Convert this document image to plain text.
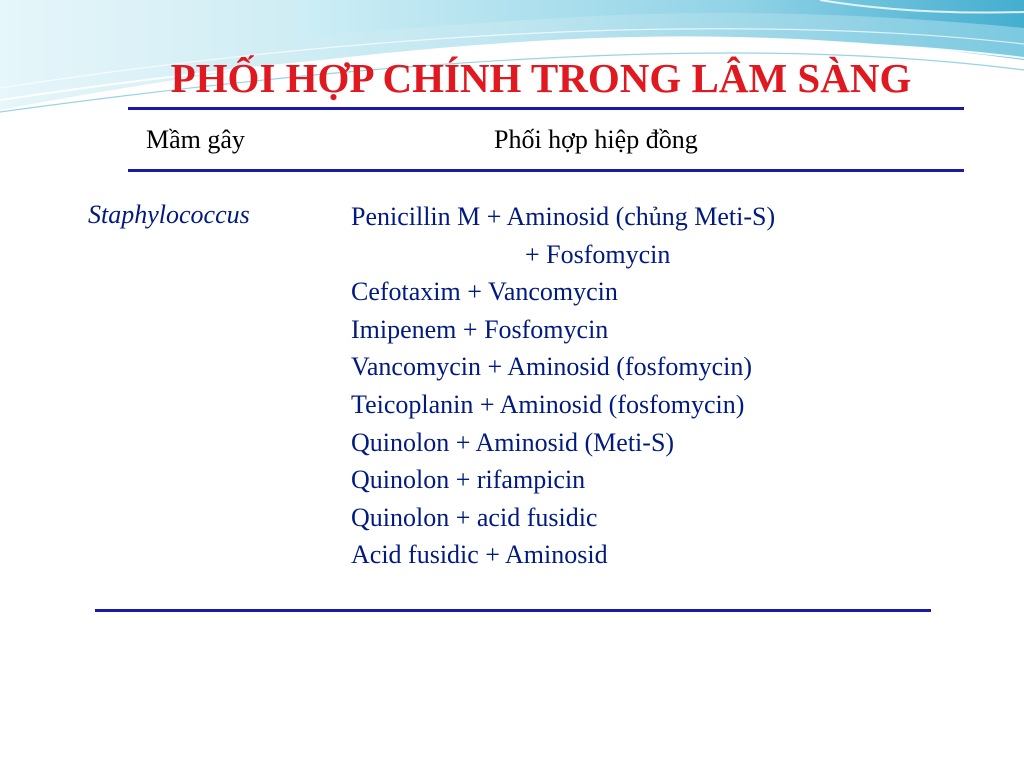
PHỐI HỢP CHÍNH TRONG LÂM SÀNG
Mầm gây	Phối hợp hiệp đồng
Staphylococcus	Penicillin M + Aminosid (chủng Meti-S)
+ Fosfomycin
Cefotaxim + Vancomycin
Imipenem + Fosfomycin
Vancomycin + Aminosid (fosfomycin)
Teicoplanin + Aminosid (fosfomycin)
Quinolon + Aminosid (Meti-S)
Quinolon + rifampicin
Quinolon + acid fusidic
Acid fusidic + Aminosid
